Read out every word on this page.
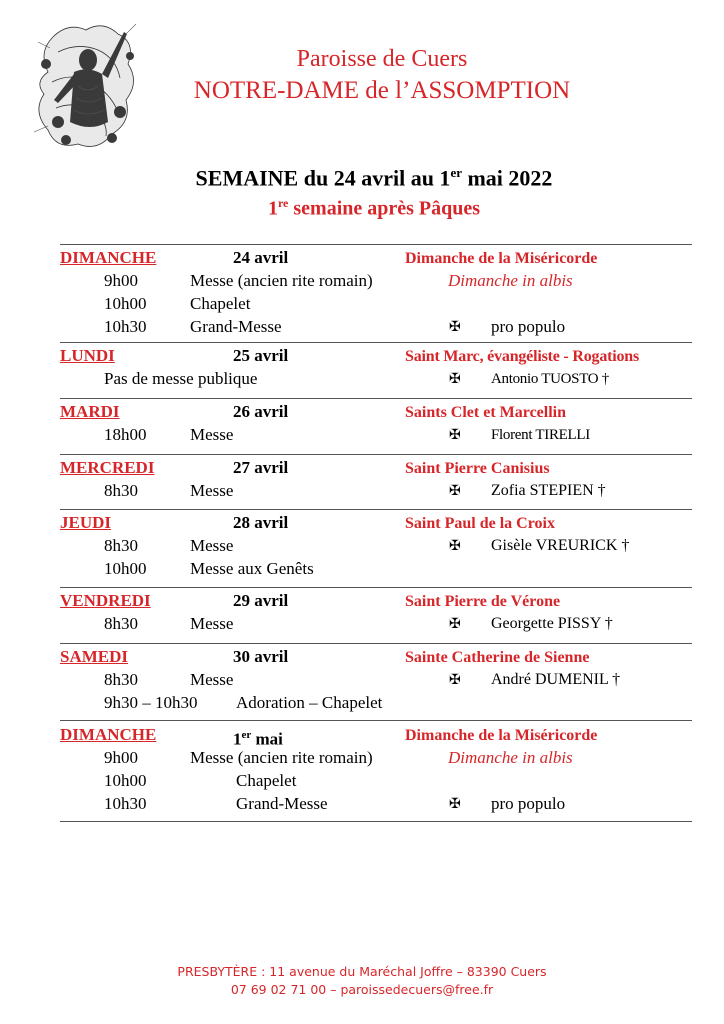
Paroisse de Cuers
NOTRE-DAME de l’ASSOMPTION
SEMAINE du 24 avril au 1er mai 2022
1re semaine après Pâques
DIMANCHE	24 avril	Dimanche de la Miséricorde
9h00	Messe (ancien rite romain)	Dimanche in albis
10h00	Chapelet
10h30	Grand-Messe	✠ pro populo
LUNDI	25 avril	Saint Marc, évangéliste - Rogations
Pas de messe publique	✠ Antonio TUOSTO †
MARDI	26 avril	Saints Clet et Marcellin
18h00	Messe	✠ Florent TIRELLI
MERCREDI	27 avril	Saint Pierre Canisius
8h30	Messe	✠ Zofia STEPIEN †
JEUDI	28 avril	Saint Paul de la Croix
8h30	Messe	✠ Gisèle VREURICK †
10h00	Messe aux Genêts
VENDREDI	29 avril	Saint Pierre de Vérone
8h30	Messe	✠ Georgette PISSY †
SAMEDI	30 avril	Sainte Catherine de Sienne
8h30	Messe	✠ André DUMENIL †
9h30 – 10h30 Adoration – Chapelet
DIMANCHE	1er mai	Dimanche de la Miséricorde
9h00	Messe (ancien rite romain)	Dimanche in albis
10h00	Chapelet
10h30	Grand-Messe	✠ pro populo
PRESBYTÈRE : 11 avenue du Maréchal Joffre – 83390 Cuers
07 69 02 71 00 – paroissedecuers@free.fr
